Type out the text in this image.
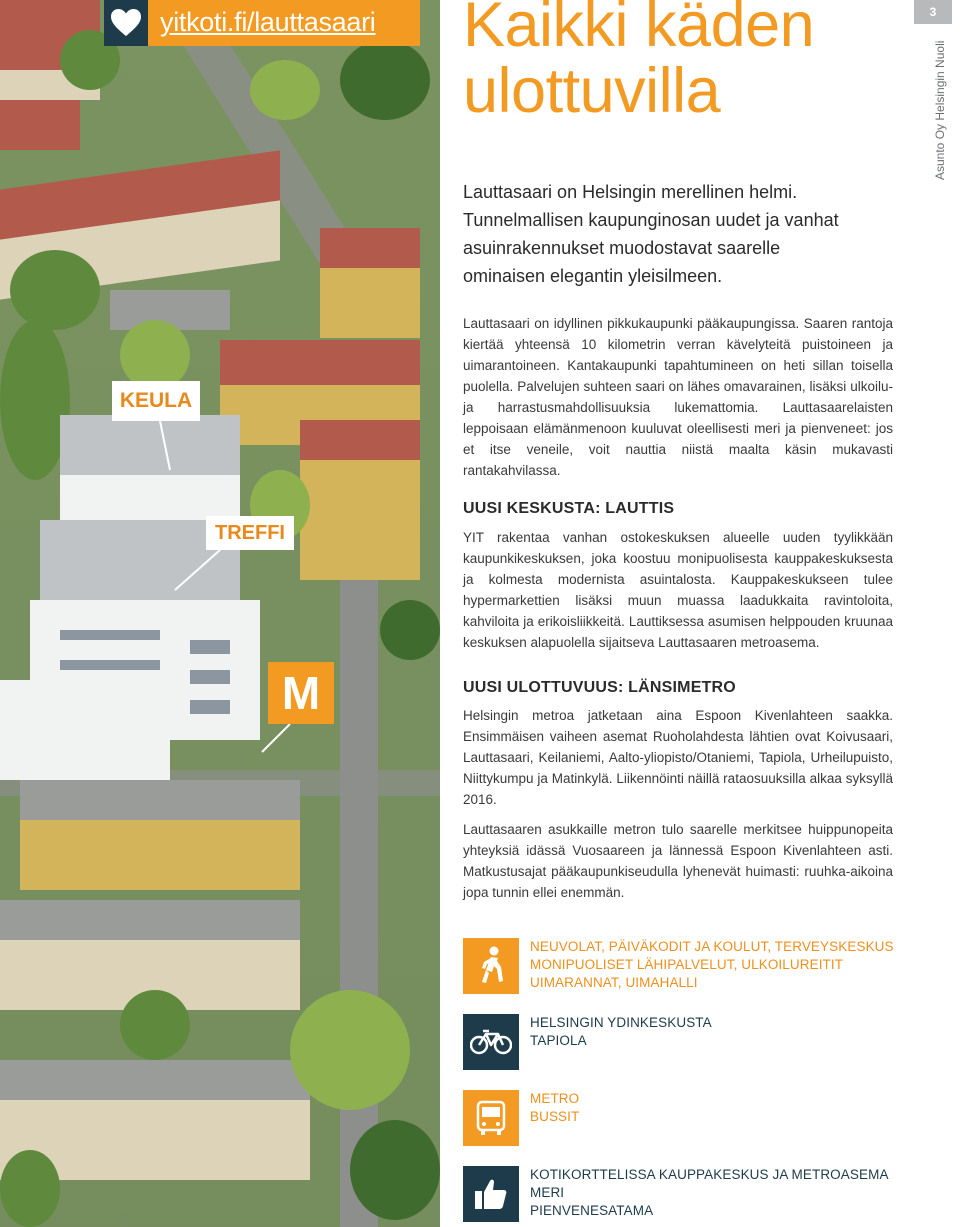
yitkoti.fi/lauttasaari
KEULA
TREFFI
M
Kaikki käden ulottuvilla
3
Asunto Oy Helsingin Nuoli

Lauttasaari on Helsingin merellinen helmi. Tunnelmallisen kaupunginosan uudet ja vanhat asuinrakennukset muodostavat saarelle ominaisen elegantin yleisilmeen.

Lauttasaari on idyllinen pikkukaupunki pääkaupungissa. Saaren rantoja kiertää yhteensä 10 kilometrin verran kävelyteitä puistoineen ja uimarantoineen. Kantakaupunki tapahtumineen on heti sillan toisella puolella. Palvelujen suhteen saari on lähes omavarainen, lisäksi ulkoilu- ja harrastusmahdollisuuksia lukemattomia. Lauttasaarelaisten leppoisaan elämänmenoon kuuluvat oleellisesti meri ja pienveneet: jos et itse veneile, voit nauttia niistä maalta käsin mukavasti rantakahvilassa.

UUSI KESKUSTA: LAUTTIS

YIT rakentaa vanhan ostokeskuksen alueelle uuden tyylikkään kaupunkikeskuksen, joka koostuu monipuolisesta kauppakeskuksesta ja kolmesta modernista asuintalosta. Kauppakeskukseen tulee hypermarkettien lisäksi muun muassa laadukkaita ravintoloita, kahviloita ja erikoisliikkeitä. Lauttiksessa asumisen helppouden kruunaa keskuksen alapuolella sijaitseva Lauttasaaren metroasema.

UUSI ULOTTUVUUS: LÄNSIMETRO

Helsingin metroa jatketaan aina Espoon Kivenlahteen saakka. Ensimmäisen vaiheen asemat Ruoholahdesta lähtien ovat Koivusaari, Lauttasaari, Keilaniemi, Aalto-yliopisto/Otaniemi, Tapiola, Urheilupuisto, Niittykumpu ja Matinkylä. Liikennöinti näillä rataosuuksilla alkaa syksyllä 2016.

Lauttasaaren asukkaille metron tulo saarelle merkitsee huippunopeita yhteyksiä idässä Vuosaareen ja lännessä Espoon Kivenlahteen asti. Matkustusajat pääkaupunkiseudulla lyhenevät huimasti: ruuhka-aikoina jopa tunnin ellei enemmän.

NEUVOLAT, PÄIVÄKODIT JA KOULUT, TERVEYSKESKUS
MONIPUOLISET LÄHIPALVELUT, ULKOILUREITIT
UIMARANNAT, UIMAHALLI
HELSINGIN YDINKESKUSTA
TAPIOLA
METRO
BUSSIT
KOTIKORTTELISSA KAUPPAKESKUS JA METROASEMA
MERI
PIENVENESATAMA
